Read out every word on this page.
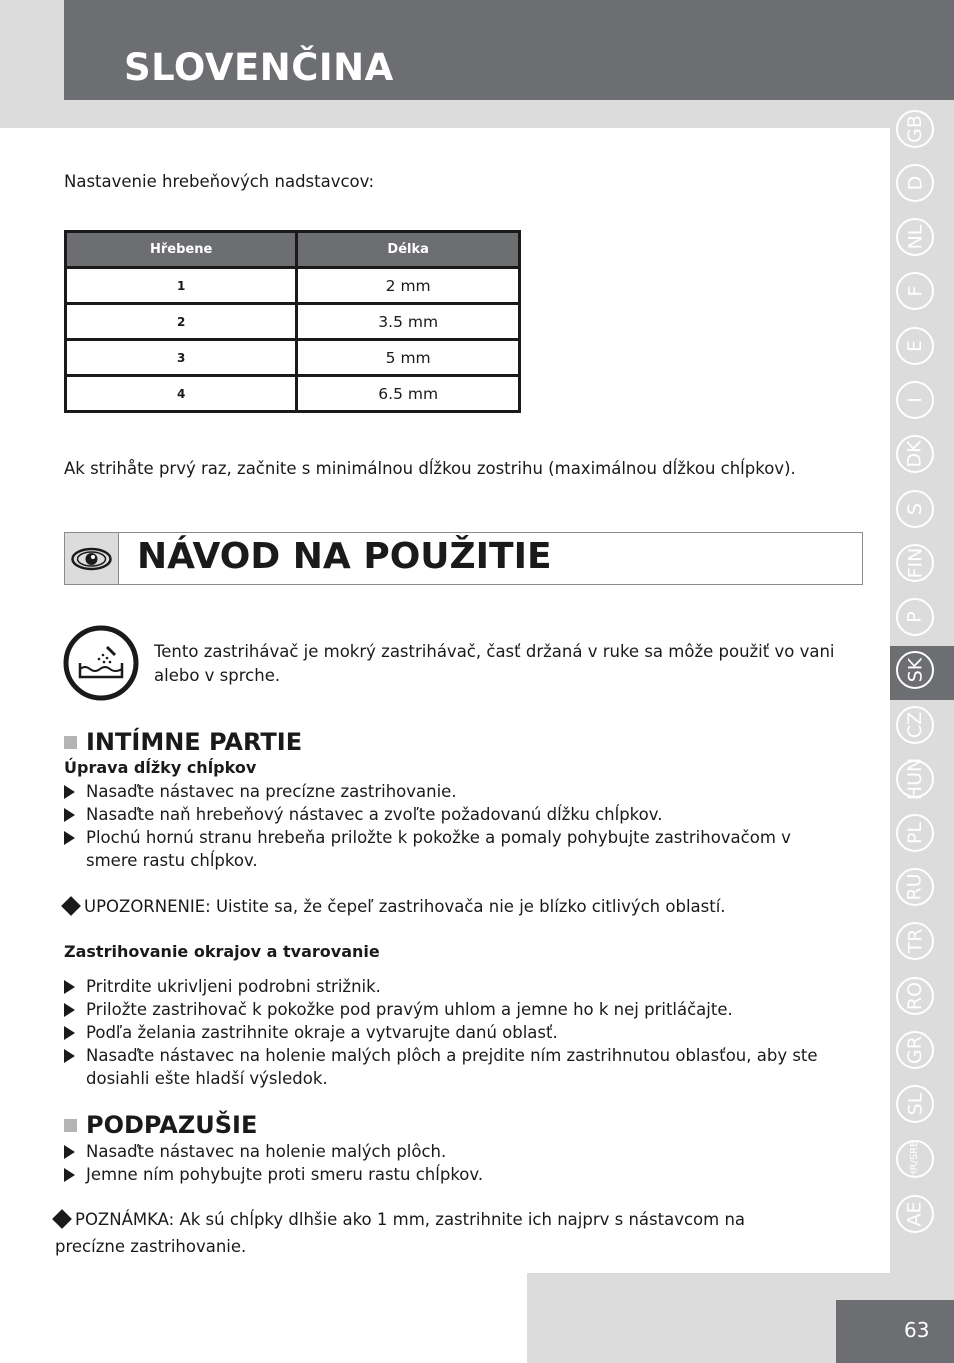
SLOVENČINA
GB
D
NL
F
E
I
DK
S
FIN
P
SK
CZ
HUN
PL
RU
TR
RO
GR
SL
HR/SRB
AE
Nastavenie hrebeňových nadstavcov:
Hřebene	Délka
1	2 mm
2	3.5 mm
3	5 mm
4	6.5 mm
Ak strihåte prvý raz, začnite s minimálnou dĺžkou zostrihu (maximálnou dĺžkou chĺpkov).
NÁVOD NA POUŽITIE
Tento zastrihávač je mokrý zastrihávač, časť držaná v ruke sa môže použiť vo vani alebo v sprche.
INTÍMNE PARTIE
Úprava dĺžky chĺpkov
Nasaďte nástavec na precízne zastrihovanie.
Nasaďte naň hrebeňový nástavec a zvoľte požadovanú dĺžku chĺpkov.
Plochú hornú stranu hrebeňa priložte k pokožke a pomaly pohybujte zastrihovačom v smere rastu chĺpkov.
UPOZORNENIE: Uistite sa, že čepeľ zastrihovača nie je blízko citlivých oblastí.
Zastrihovanie okrajov a tvarovanie
Pritrdite ukrivljeni podrobni strižnik.
Priložte zastrihovač k pokožke pod pravým uhlom a jemne ho k nej pritláčajte.
Podľa želania zastrihnite okraje a vytvarujte danú oblasť.
Nasaďte nástavec na holenie malých plôch a prejdite ním zastrihnutou oblasťou, aby ste dosiahli ešte hladší výsledok.
PODPAZUŠIE
Nasaďte nástavec na holenie malých plôch.
Jemne ním pohybujte proti smeru rastu chĺpkov.
POZNÁMKA: Ak sú chĺpky dlhšie ako 1 mm, zastrihnite ich najprv s nástavcom na precízne zastrihovanie.
63
